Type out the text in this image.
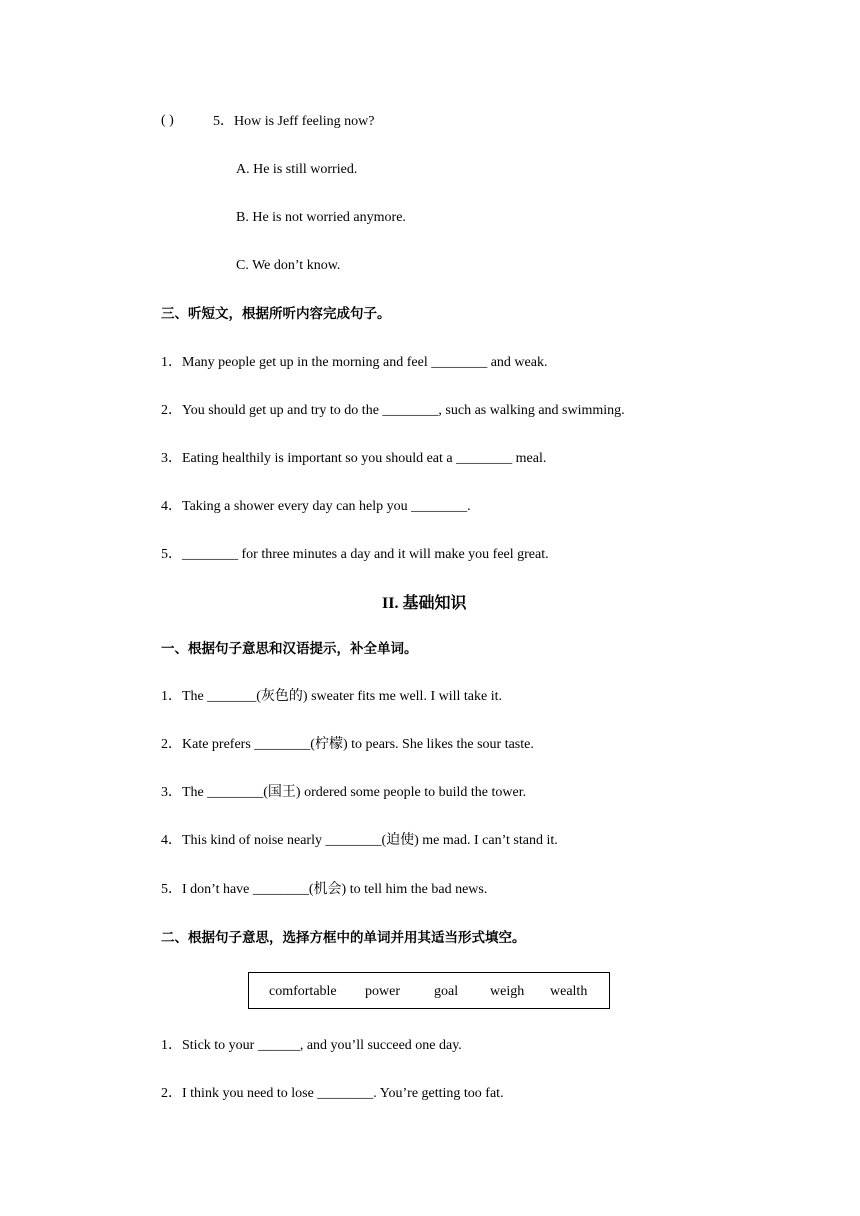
( )	5．How is Jeff feeling now?
A. He is still worried.
B. He is not worried anymore.
C. We don’t know.
三、听短文，根据所听内容完成句子。
1．Many people get up in the morning and feel ________ and weak.
2．You should get up and try to do the ________, such as walking and swimming.
3．Eating healthily is important so you should eat a ________ meal.
4．Taking a shower every day can help you ________.
5．________ for three minutes a day and it will make you feel great.
II. 基础知识
一、根据句子意思和汉语提示，补全单词。
1．The _______(灰色的) sweater fits me well. I will take it.
2．Kate prefers ________(柠檬) to pears. She likes the sour taste.
3．The ________(国王) ordered some people to build the tower.
4．This kind of noise nearly ________(迫使) me mad. I can’t stand it.
5．I don’t have ________(机会) to tell him the bad news.
二、根据句子意思，选择方框中的单词并用其适当形式填空。
comfortable power goal weigh wealth
1．Stick to your ______, and you’ll succeed one day.
2．I think you need to lose ________. You’re getting too fat.
